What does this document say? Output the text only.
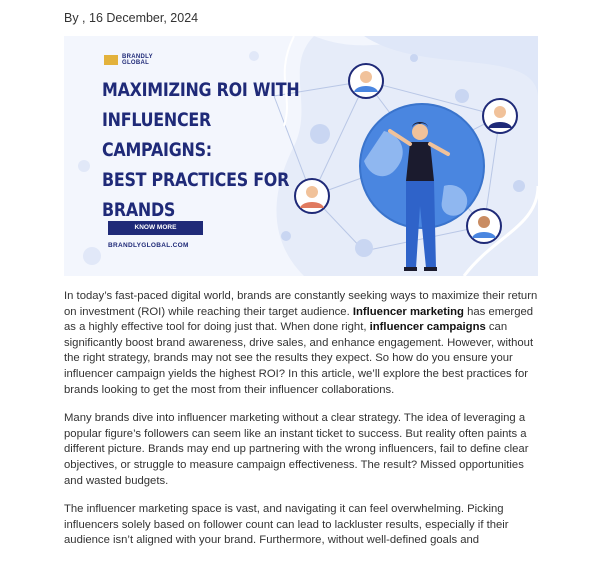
By , 16 December, 2024
BRANDLY
GLOBAL
MAXIMIZING ROI WITH
INFLUENCER CAMPAIGNS:
BEST PRACTICES FOR
BRANDS
KNOW MORE
BRANDLYGLOBAL.COM

In today’s fast-paced digital world, brands are constantly seeking ways to maximize their return on investment (ROI) while reaching their target audience. Influencer marketing has emerged as a highly effective tool for doing just that. When done right, influencer campaigns can significantly boost brand awareness, drive sales, and enhance engagement. However, without the right strategy, brands may not see the results they expect. So how do you ensure your influencer campaign yields the highest ROI? In this article, we’ll explore the best practices for brands looking to get the most from their influencer collaborations.

Many brands dive into influencer marketing without a clear strategy. The idea of leveraging a popular figure’s followers can seem like an instant ticket to success. But reality often paints a different picture. Brands may end up partnering with the wrong influencers, fail to define clear objectives, or struggle to measure campaign effectiveness. The result? Missed opportunities and wasted budgets.

The influencer marketing space is vast, and navigating it can feel overwhelming. Picking influencers solely based on follower count can lead to lackluster results, especially if their audience isn’t aligned with your brand. Furthermore, without well-defined goals and
